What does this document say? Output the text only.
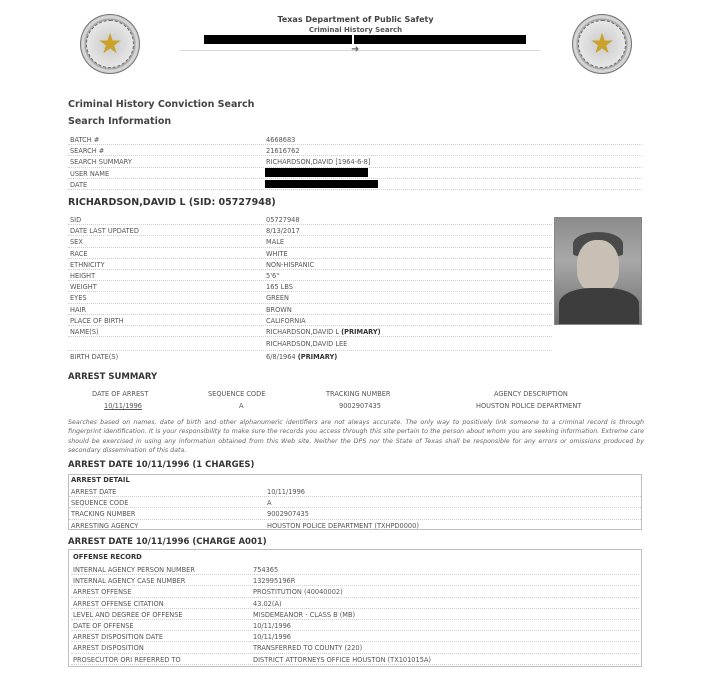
★
Texas Department of Public Safety
Criminal History Search
➜	★
Criminal History Conviction Search
Search Information
BATCH #	4668683
SEARCH #	21616762
SEARCH SUMMARY	RICHARDSON,DAVID [1964-6-8]
USER NAME
DATE
RICHARDSON,DAVID L (SID: 05727948)
SID	05727948
DATE LAST UPDATED	8/13/2017
SEX	MALE
RACE	WHITE
ETHNICITY	NON-HISPANIC
HEIGHT	5'6"
WEIGHT	165 LBS
EYES	GREEN
HAIR	BROWN
PLACE OF BIRTH	CALIFORNIA
NAME(S)	RICHARDSON,DAVID L (PRIMARY)
RICHARDSON,DAVID LEE
BIRTH DATE(S)	6/8/1964 (PRIMARY)
ARREST SUMMARY
DATE OF ARREST	SEQUENCE CODE	TRACKING NUMBER	AGENCY DESCRIPTION
10/11/1996	A	9002907435	HOUSTON POLICE DEPARTMENT
Searches based on names, date of birth and other alphanumeric identifiers are not always accurate. The only way to positively link someone to a criminal record is through fingerprint identification. It is your responsibility to make sure the records you access through this site pertain to the person about whom you are seeking information. Extreme care should be exercised in using any information obtained from this Web site. Neither the DPS nor the State of Texas shall be responsible for any errors or omissions produced by secondary dissemination of this data.
ARREST DATE 10/11/1996 (1 CHARGES)
ARREST DETAIL
ARREST DATE	10/11/1996
SEQUENCE CODE	A
TRACKING NUMBER	9002907435
ARRESTING AGENCY	HOUSTON POLICE DEPARTMENT (TXHPD0000)
ARREST DATE 10/11/1996 (CHARGE A001)
OFFENSE RECORD
INTERNAL AGENCY PERSON NUMBER	754365
INTERNAL AGENCY CASE NUMBER	132995196R
ARREST OFFENSE	PROSTITUTION (40040002)
ARREST OFFENSE CITATION	43.02(A)
LEVEL AND DEGREE OF OFFENSE	MISDEMEANOR - CLASS B (MB)
DATE OF OFFENSE	10/11/1996
ARREST DISPOSITION DATE	10/11/1996
ARREST DISPOSITION	TRANSFERRED TO COUNTY (220)
PROSECUTOR ORI REFERRED TO	DISTRICT ATTORNEYS OFFICE HOUSTON (TX101015A)
